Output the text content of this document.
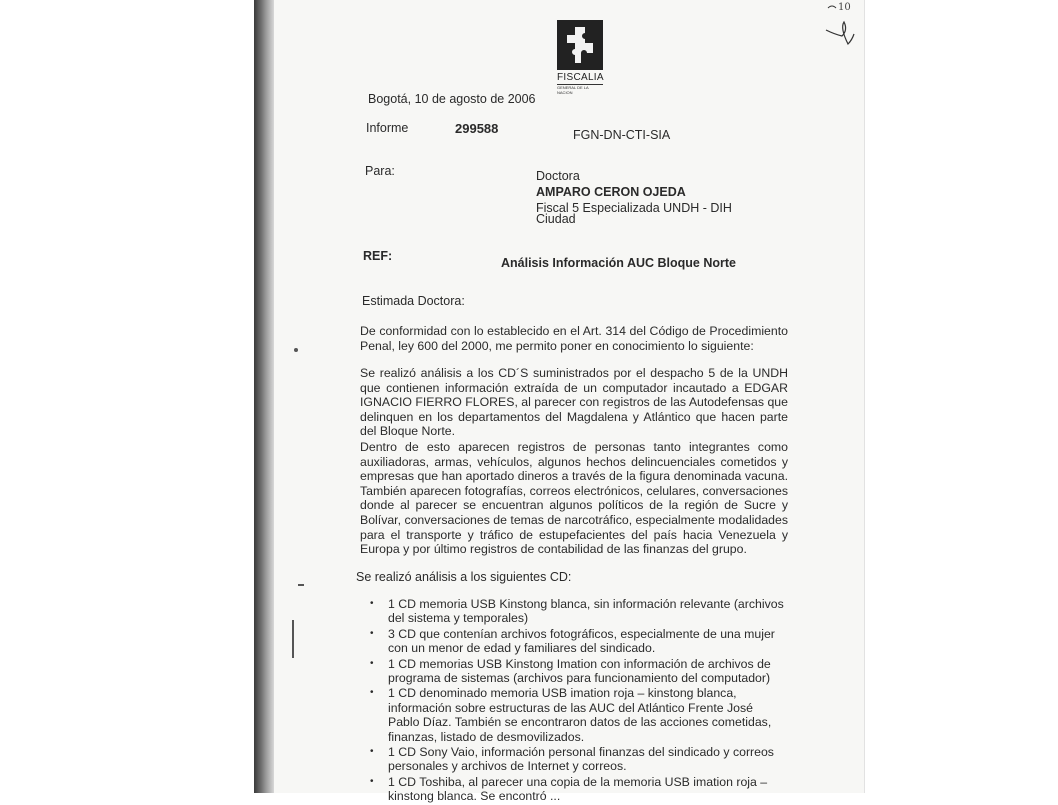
FISCALIA
GENERAL DE LA NACION
Bogotá, 10 de agosto de 2006
Informe	299588	FGN-DN-CTI-SIA
Para:	Doctora
AMPARO CERON OJEDA
Fiscal 5 Especializada UNDH - DIH
Ciudad
REF:	Análisis Información AUC Bloque Norte
Estimada Doctora:

De conformidad con lo establecido en el Art. 314 del Código de Procedimiento Penal, ley 600 del 2000, me permito poner en conocimiento lo siguiente:

Se realizó análisis a los CD´S suministrados por el despacho 5 de la UNDH que contienen información extraída de un computador incautado a EDGAR IGNACIO FIERRO FLORES, al parecer con registros de las Autodefensas que delinquen en los departamentos del Magdalena y Atlántico que hacen parte del Bloque Norte.

Dentro de esto aparecen registros de personas tanto integrantes como auxiliadoras, armas, vehículos, algunos hechos delincuenciales cometidos y empresas que han aportado dineros a través de la figura denominada vacuna. También aparecen fotografías, correos electrónicos, celulares, conversaciones donde al parecer se encuentran algunos políticos de la región de Sucre y Bolívar, conversaciones de temas de narcotráfico, especialmente modalidades para el transporte y tráfico de estupefacientes del país hacia Venezuela y Europa y por último registros de contabilidad de las finanzas del grupo.

Se realizó análisis a los siguientes CD:
• 1 CD memoria USB Kinstong blanca, sin información relevante (archivos del sistema y temporales)
• 3 CD que contenían archivos fotográficos, especialmente de una mujer con un menor de edad y familiares del sindicado.
• 1 CD memorias USB Kinstong Imation con información de archivos de programa de sistemas (archivos para funcionamiento del computador)
• 1 CD denominado memoria USB imation roja – kinstong blanca, información sobre estructuras de las AUC del Atlántico Frente José Pablo Díaz. También se encontraron datos de las acciones cometidas, finanzas, listado de desmovilizados.
• 1 CD Sony Vaio, información personal finanzas del sindicado y correos personales y archivos de Internet y correos.
• 1 CD Toshiba, al parecer una copia de la memoria USB imation roja – kinstong blanca. Se encontró ...
10
